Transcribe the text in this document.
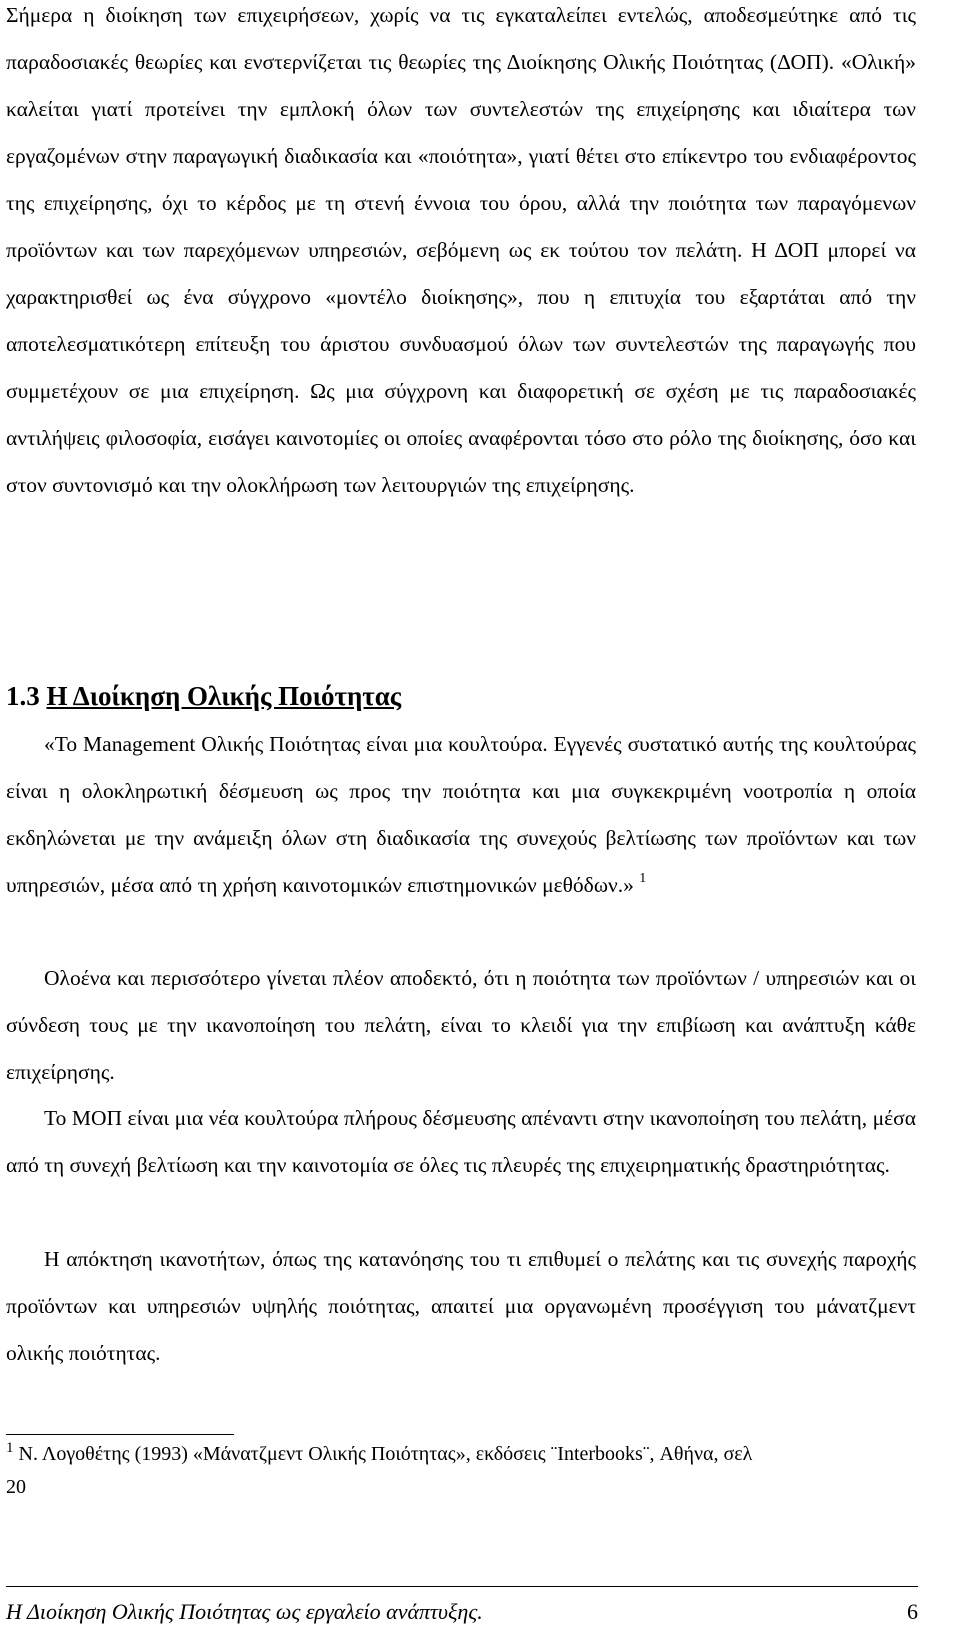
Σήμερα η διοίκηση των επιχειρήσεων, χωρίς να τις εγκαταλείπει εντελώς, αποδεσμεύτηκε από τις παραδοσιακές θεωρίες και ενστερνίζεται τις θεωρίες της Διοίκησης Ολικής Ποιότητας (ΔΟΠ). «Ολική» καλείται γιατί προτείνει την εμπλοκή όλων των συντελεστών της επιχείρησης και ιδιαίτερα των εργαζομένων στην παραγωγική διαδικασία και «ποιότητα», γιατί θέτει στο επίκεντρο του ενδιαφέροντος της επιχείρησης, όχι το κέρδος με τη στενή έννοια του όρου, αλλά την ποιότητα των παραγόμενων προϊόντων και των παρεχόμενων υπηρεσιών, σεβόμενη ως εκ τούτου τον πελάτη. Η ΔΟΠ μπορεί να χαρακτηρισθεί ως ένα σύγχρονο «μοντέλο διοίκησης», που η επιτυχία του εξαρτάται από την αποτελεσματικότερη επίτευξη του άριστου συνδυασμού όλων των συντελεστών της παραγωγής που συμμετέχουν σε μια επιχείρηση. Ως μια σύγχρονη και διαφορετική σε σχέση με τις παραδοσιακές αντιλήψεις φιλοσοφία, εισάγει καινοτομίες οι οποίες αναφέρονται τόσο στο ρόλο της διοίκησης, όσο και στον συντονισμό και την ολοκλήρωση των λειτουργιών της επιχείρησης.

1.3 Η Διοίκηση Ολικής Ποιότητας

«Το Management Ολικής Ποιότητας είναι μια κουλτούρα. Εγγενές συστατικό αυτής της κουλτούρας είναι η ολοκληρωτική δέσμευση ως προς την ποιότητα και μια συγκεκριμένη νοοτροπία η οποία εκδηλώνεται με την ανάμειξη όλων στη διαδικασία της συνεχούς βελτίωσης των προϊόντων και των υπηρεσιών, μέσα από τη χρήση καινοτομικών επιστημονικών μεθόδων.» $^1$

Ολοένα και περισσότερο γίνεται πλέον αποδεκτό, ότι η ποιότητα των προϊόντων / υπηρεσιών και οι σύνδεση τους με την ικανοποίηση του πελάτη, είναι το κλειδί για την επιβίωση και ανάπτυξη κάθε επιχείρησης.

Το ΜΟΠ είναι μια νέα κουλτούρα πλήρους δέσμευσης απέναντι στην ικανοποίηση του πελάτη, μέσα από τη συνεχή βελτίωση και την καινοτομία σε όλες τις πλευρές της επιχειρηματικής δραστηριότητας.

Η απόκτηση ικανοτήτων, όπως της κατανόησης του τι επιθυμεί ο πελάτης και τις συνεχής παροχής προϊόντων και υπηρεσιών υψηλής ποιότητας, απαιτεί μια οργανωμένη προσέγγιση του μάνατζμεντ ολικής ποιότητας.

$^1$ Ν. Λογοθέτης (1993) «Μάνατζμεντ Ολικής Ποιότητας», εκδόσεις ¨Interbooks¨, Αθήνα, σελ
20

Η Διοίκηση Ολικής Ποιότητας ως εργαλείο ανάπτυξης.	6
